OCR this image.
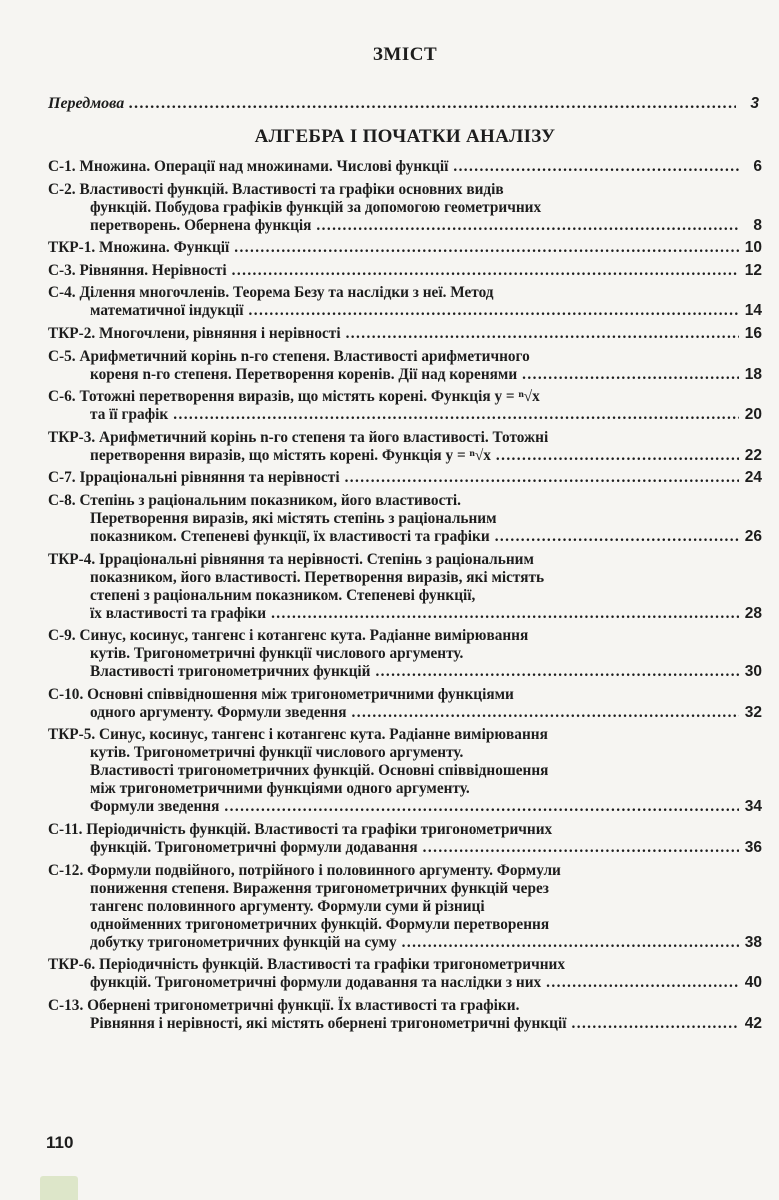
ЗМІСТ
Передмова .....	3
АЛГЕБРА І ПОЧАТКИ АНАЛІЗУ
С-1. Множина. Операції над множинами. Числові функції .....	6
С-2. Властивості функцій. Властивості та графіки основних видів
функцій. Побудова графіків функцій за допомогою геометричних
перетворень. Обернена функція .....	8
ТКР-1. Множина. Функції .....	10
С-3. Рівняння. Нерівності .....	12
С-4. Ділення многочленів. Теорема Безу та наслідки з неї. Метод
математичної індукції .....	14
ТКР-2. Многочлени, рівняння і нерівності .....	16
С-5. Арифметичний корінь n-го степеня. Властивості арифметичного
кореня n-го степеня. Перетворення коренів. Дії над коренями .....	18
С-6. Тотожні перетворення виразів, що містять корені. Функція y = ⁿ√x
та її графік .....	20
ТКР-3. Арифметичний корінь n-го степеня та його властивості. Тотожні
перетворення виразів, що містять корені. Функція y = ⁿ√x .....	22
С-7. Ірраціональні рівняння та нерівності .....	24
С-8. Степінь з раціональним показником, його властивості.
Перетворення виразів, які містять степінь з раціональним
показником. Степеневі функції, їх властивості та графіки .....	26
ТКР-4. Ірраціональні рівняння та нерівності. Степінь з раціональним
показником, його властивості. Перетворення виразів, які містять
степені з раціональним показником. Степеневі функції,
їх властивості та графіки .....	28
С-9. Синус, косинус, тангенс і котангенс кута. Радіанне вимірювання
кутів. Тригонометричні функції числового аргументу.
Властивості тригонометричних функцій .....	30
С-10. Основні співвідношення між тригонометричними функціями
одного аргументу. Формули зведення .....	32
ТКР-5. Синус, косинус, тангенс і котангенс кута. Радіанне вимірювання
кутів. Тригонометричні функції числового аргументу.
Властивості тригонометричних функцій. Основні співвідношення
між тригонометричними функціями одного аргументу.
Формули зведення .....	34
С-11. Періодичність функцій. Властивості та графіки тригонометричних
функцій. Тригонометричні формули додавання .....	36
С-12. Формули подвійного, потрійного і половинного аргументу. Формули
пониження степеня. Вираження тригонометричних функцій через
тангенс половинного аргументу. Формули суми й різниці
однойменних тригонометричних функцій. Формули перетворення
добутку тригонометричних функцій на суму .....	38
ТКР-6. Періодичність функцій. Властивості та графіки тригонометричних
функцій. Тригонометричні формули додавання та наслідки з них .....	40
С-13. Обернені тригонометричні функції. Їх властивості та графіки.
Рівняння і нерівності, які містять обернені тригонометричні функції .....	42
110
